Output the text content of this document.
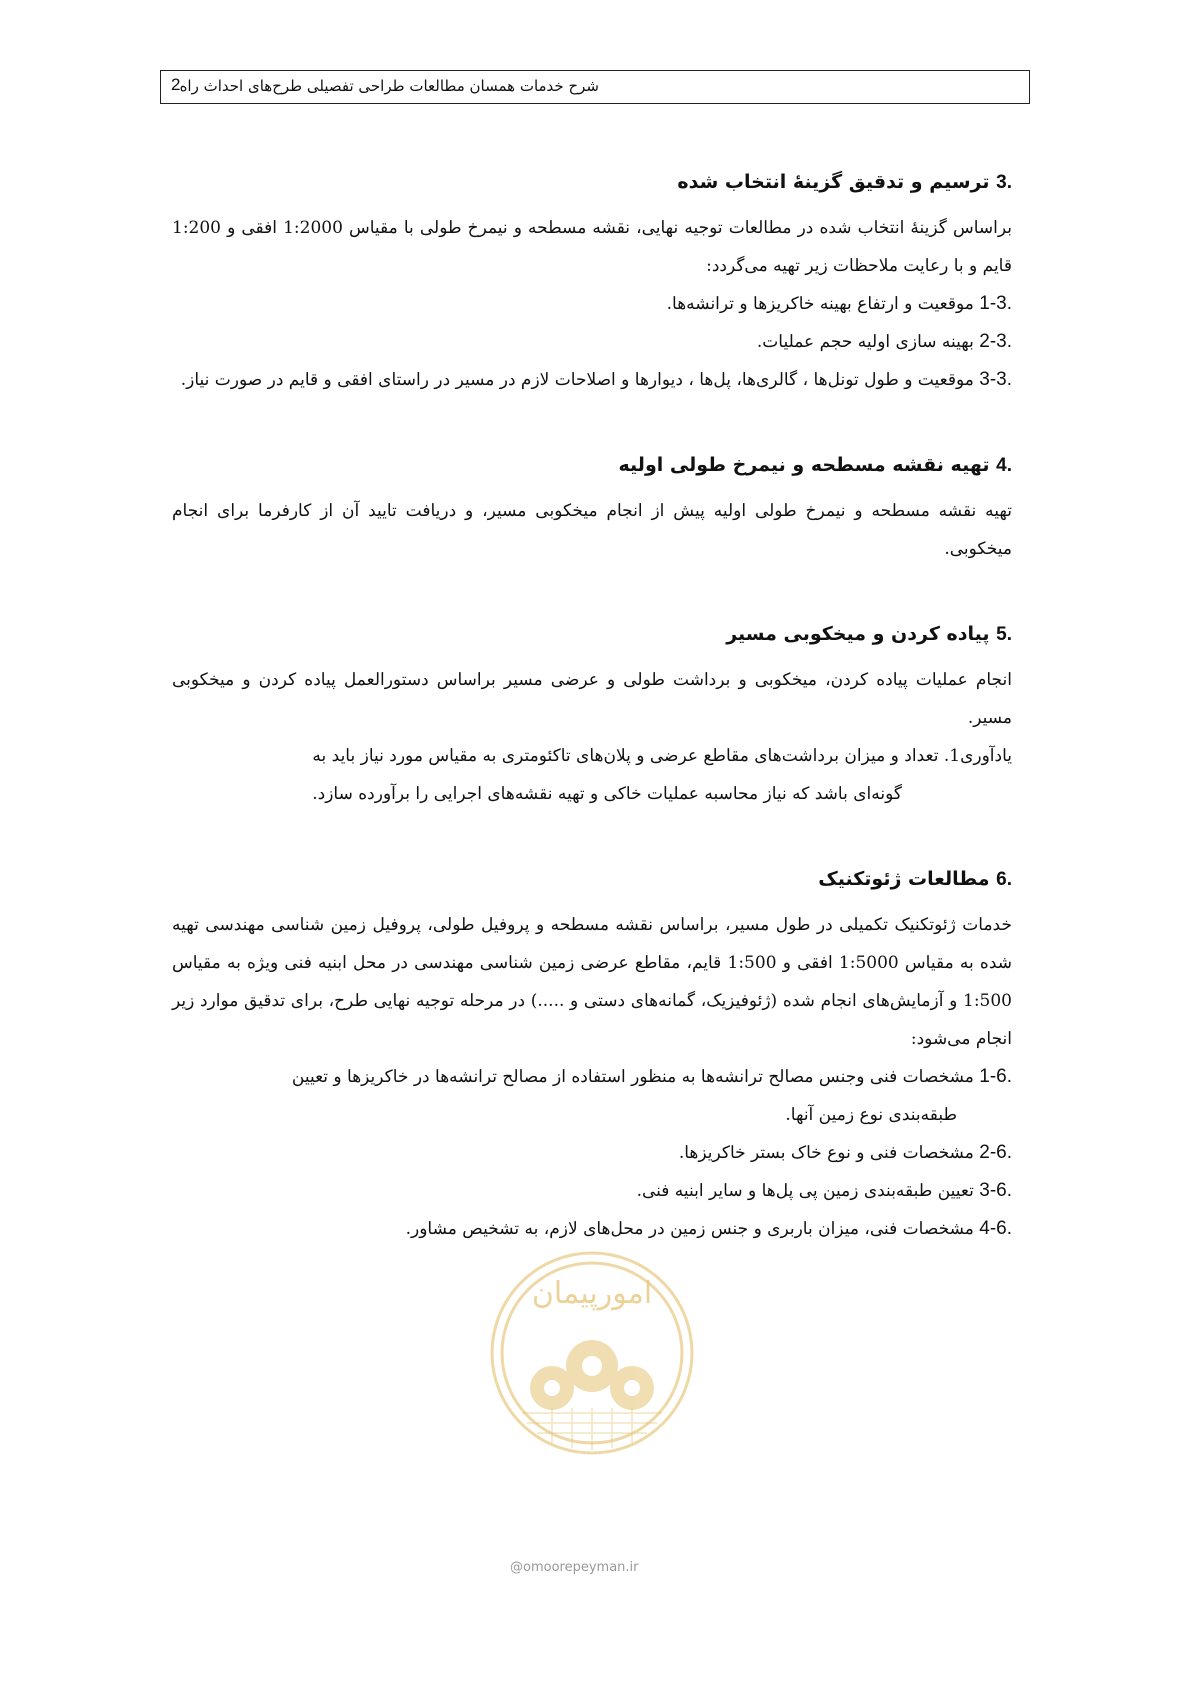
شرح خدمات همسان مطالعات طراحی تفصیلی طرح‌های احداث راه
2
3. ترسیم و تدقیق گزینهٔ انتخاب شده

براساس گزینهٔ انتخاب شده در مطالعات توجیه نهایی، نقشه مسطحه و نیمرخ طولی با مقیاس 1:2000 افقی و 1:200 قایم و با رعایت ملاحظات زیر تهیه می‌گردد:

1-3. موقعیت و ارتفاع بهینه خاکریزها و ترانشه‌ها.
2-3. بهینه سازی اولیه حجم عملیات.
3-3. موقعیت و طول تونل‌ها ، گالری‌ها، پل‌ها ، دیوارها و اصلاحات لازم در مسیر در راستای افقی و قایم در صورت نیاز.
4. تهیه نقشه مسطحه و نیمرخ طولی اولیه

تهیه نقشه مسطحه و نیمرخ طولی اولیه پیش از انجام میخکوبی مسیر، و دریافت تایید آن از کارفرما برای انجام میخکوبی.

5. پیاده کردن و میخکوبی مسیر

انجام عملیات پیاده کردن، میخکوبی و برداشت طولی و عرضی مسیر براساس دستورالعمل پیاده کردن و میخکوبی مسیر.

یادآوری1. تعداد و میزان برداشت‌های مقاطع عرضی و پلان‌های تاکئومتری به مقیاس مورد نیاز باید به

گونه‌ای باشد که نیاز محاسبه عملیات خاکی و تهیه نقشه‌های اجرایی را برآورده سازد.

6. مطالعات ژئوتکنیک

خدمات ژئوتکنیک تکمیلی در طول مسیر، براساس نقشه مسطحه و پروفیل طولی، پروفیل زمین شناسی مهندسی تهیه شده به مقیاس 1:5000 افقی و 1:500 قایم، مقاطع عرضی زمین شناسی مهندسی در محل ابنیه فنی ویژه به مقیاس 1:500 و آزمایش‌های انجام شده (ژئوفیزیک، گمانه‌های دستی و .....) در مرحله توجیه نهایی طرح، برای تدقیق موارد زیر انجام می‌شود:

1-6. مشخصات فنی وجنس مصالح ترانشه‌ها به منظور استفاده از مصالح ترانشه‌ها در خاکریزها و تعیین
طبقه‌بندی نوع زمین آنها.
2-6. مشخصات فنی و نوع خاک بستر خاکریزها.
3-6. تعیین طبقه‌بندی زمین پی پل‌ها و سایر ابنیه فنی.
4-6. مشخصات فنی، میزان باربری و جنس زمین در محل‌های لازم، به تشخیص مشاور.
امورپیمان
@omoorepeyman.ir
